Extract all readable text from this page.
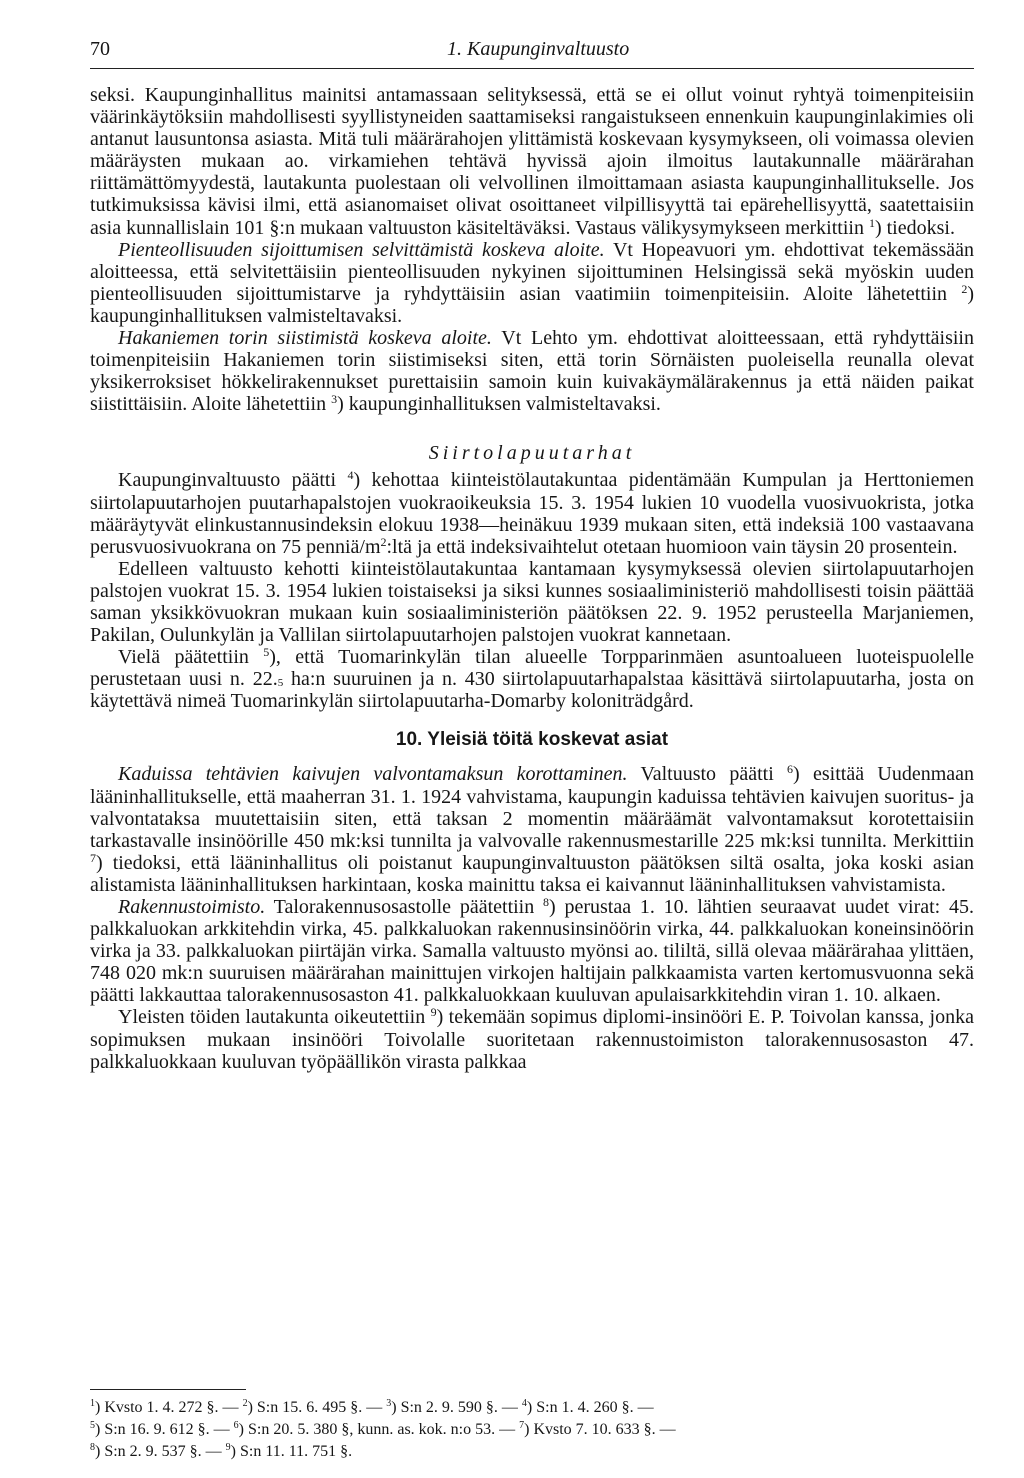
70	1. Kaupunginvaltuusto

seksi. Kaupunginhallitus mainitsi antamassaan selityksessä, että se ei ollut voinut ryhtyä toimenpiteisiin väärinkäytöksiin mahdollisesti syyllistyneiden saattamiseksi rangaistukseen ennenkuin kaupunginlakimies oli antanut lausuntonsa asiasta. Mitä tuli määrärahojen ylittämistä koskevaan kysymykseen, oli voimassa olevien määräysten mukaan ao. virkamiehen tehtävä hyvissä ajoin ilmoitus lautakunnalle määrärahan riittämättömyydestä, lautakunta puolestaan oli velvollinen ilmoittamaan asiasta kaupunginhallitukselle. Jos tutkimuksissa kävisi ilmi, että asianomaiset olivat osoittaneet vilpillisyyttä tai epärehellisyyttä, saatettaisiin asia kunnallislain 101 §:n mukaan valtuuston käsiteltäväksi. Vastaus välikysymykseen merkittiin $^1$) tiedoksi.

Pienteollisuuden sijoittumisen selvittämistä koskeva aloite. Vt Hopeavuori ym. ehdottivat tekemässään aloitteessa, että selvitettäisiin pienteollisuuden nykyinen sijoittuminen Helsingissä sekä myöskin uuden pienteollisuuden sijoittumistarve ja ryhdyttäisiin asian vaatimiin toimenpiteisiin. Aloite lähetettiin $^2$) kaupunginhallituksen valmisteltavaksi.

Hakaniemen torin siistimistä koskeva aloite. Vt Lehto ym. ehdottivat aloitteessaan, että ryhdyttäisiin toimenpiteisiin Hakaniemen torin siistimiseksi siten, että torin Sörnäisten puoleisella reunalla olevat yksikerroksiset hökkelirakennukset purettaisiin samoin kuin kuivakäymälärakennus ja että näiden paikat siistittäisiin. Aloite lähetettiin $^3$) kaupunginhallituksen valmisteltavaksi.

Siirtolapuutarhat

Kaupunginvaltuusto päätti $^4$) kehottaa kiinteistölautakuntaa pidentämään Kumpulan ja Herttoniemen siirtolapuutarhojen puutarhapalstojen vuokraoikeuksia 15. 3. 1954 lukien 10 vuodella vuosivuokrista, jotka määräytyvät elinkustannusindeksin elokuu 1938—heinäkuu 1939 mukaan siten, että indeksiä 100 vastaavana perusvuosivuokrana on 75 penniä/$m^2:ltä$ ja että indeksivaihtelut otetaan huomioon vain täysin 20 prosentein.

Edelleen valtuusto kehotti kiinteistölautakuntaa kantamaan kysymyksessä olevien siirtolapuutarhojen palstojen vuokrat 15. 3. 1954 lukien toistaiseksi ja siksi kunnes sosiaaliministeriö mahdollisesti toisin päättää saman yksikkövuokran mukaan kuin sosiaaliministeriön päätöksen 22. 9. 1952 perusteella Marjaniemen, Pakilan, Oulunkylän ja Vallilan siirtolapuutarhojen palstojen vuokrat kannetaan.

Vielä päätettiin $^5$), että Tuomarinkylän tilan alueelle Torpparinmäen asuntoalueen luoteispuolelle perustetaan uusi n. 22.5 ha:n suuruinen ja n. 430 siirtolapuutarhapalstaa käsittävä siirtolapuutarha, josta on käytettävä nimeä Tuomarinkylän siirtolapuutarha-Domarby koloniträdgård.

10. Yleisiä töitä koskevat asiat

Kaduissa tehtävien kaivujen valvontamaksun korottaminen. Valtuusto päätti $^6$) esittää Uudenmaan lääninhallitukselle, että maaherran 31. 1. 1924 vahvistama, kaupungin kaduissa tehtävien kaivujen suoritus- ja valvontataksa muutettaisiin siten, että taksan 2 momentin määräämät valvontamaksut korotettaisiin tarkastavalle insinöörille 450 mk:ksi tunnilta ja valvovalle rakennusmestarille 225 mk:ksi tunnilta. Merkittiin $^7$) tiedoksi, että lääninhallitus oli poistanut kaupunginvaltuuston päätöksen siltä osalta, joka koski asian alistamista lääninhallituksen harkintaan, koska mainittu taksa ei kaivannut lääninhallituksen vahvistamista.

Rakennustoimisto. Talorakennusosastolle päätettiin $^8$) perustaa 1. 10. lähtien seuraavat uudet virat: 45. palkkaluokan arkkitehdin virka, 45. palkkaluokan rakennusinsinöörin virka, 44. palkkaluokan koneinsinöörin virka ja 33. palkkaluokan piirtäjän virka. Samalla valtuusto myönsi ao. tililtä, sillä olevaa määrärahaa ylittäen, 748 020 mk:n suuruisen määrärahan mainittujen virkojen haltijain palkkaamista varten kertomusvuonna sekä päätti lakkauttaa talorakennusosaston 41. palkkaluokkaan kuuluvan apulaisarkkitehdin viran 1. 10. alkaen.

Yleisten töiden lautakunta oikeutettiin $^9$) tekemään sopimus diplomi-insinööri E. P. Toivolan kanssa, jonka sopimuksen mukaan insinööri Toivolalle suoritetaan rakennustoimiston talorakennusosaston 47. palkkaluokkaan kuuluvan työpäällikön virasta palkkaa

$^1$) Kvsto 1. 4. 272 §. — $^2$) S:n 15. 6. 495 §. — $^3$) S:n 2. 9. 590 §. — $^4$) S:n 1. 4. 260 §. —

$^5$) S:n 16. 9. 612 §. — $^6$) S:n 20. 5. 380 §, kunn. as. kok. n:o 53. — $^7$) Kvsto 7. 10. 633 §. —

$^8$) S:n 2. 9. 537 §. — $^9$) S:n 11. 11. 751 §.
